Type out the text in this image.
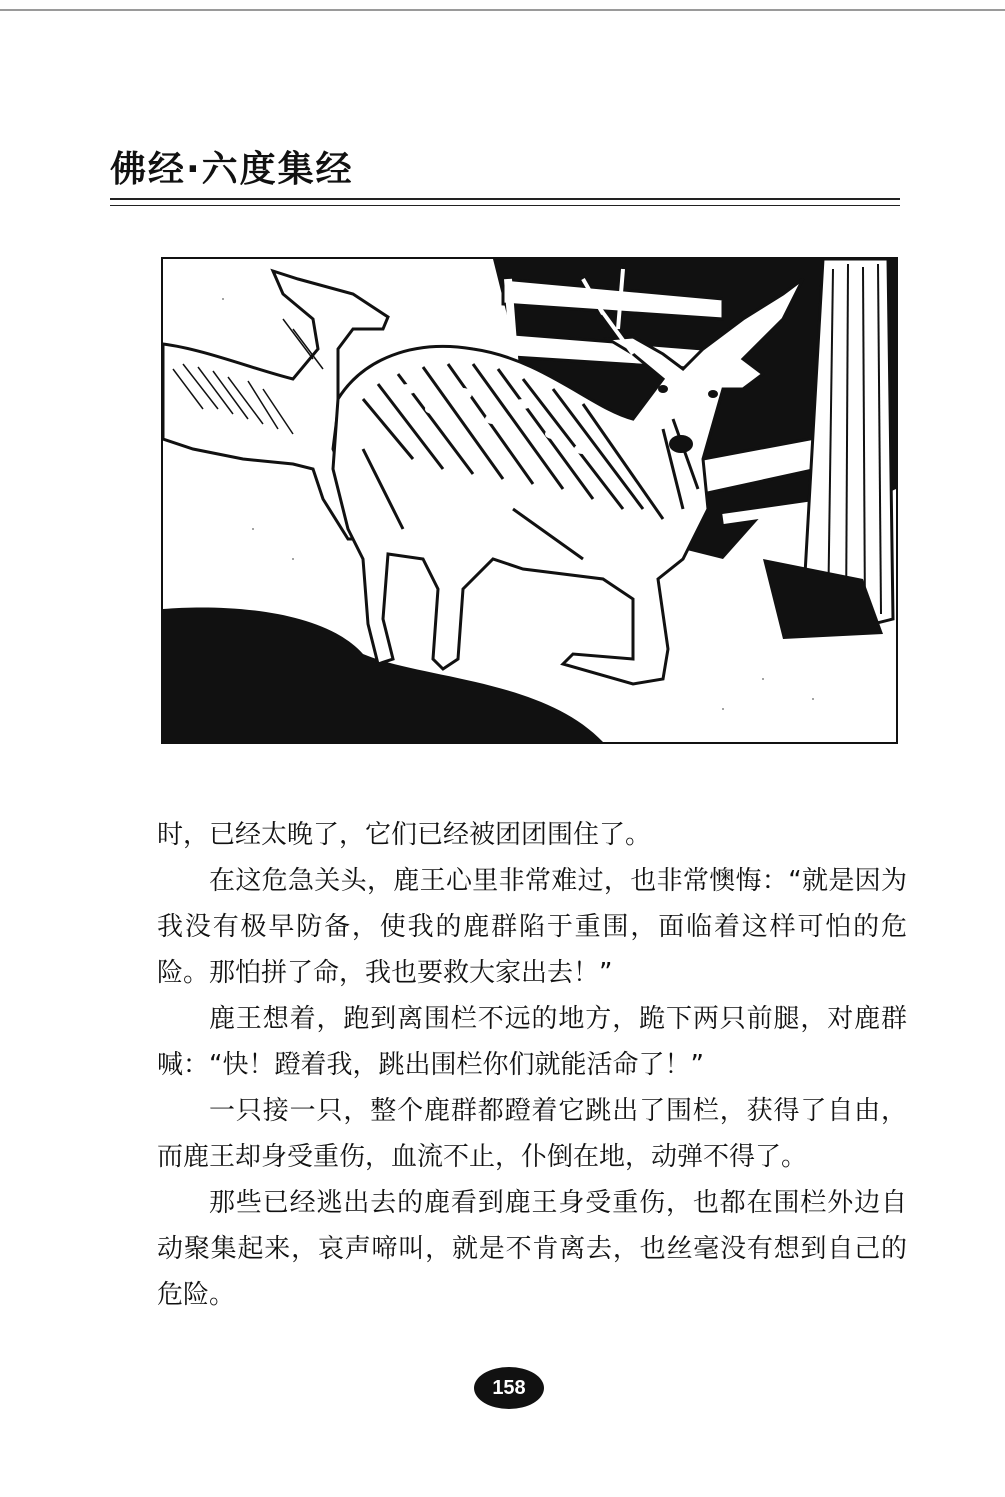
佛经·六度集经

时，已经太晚了，它们已经被团团围住了。

在这危急关头，鹿王心里非常难过，也非常懊悔：“就是因为我没有极早防备，使我的鹿群陷于重围，面临着这样可怕的危险。那怕拼了命，我也要救大家出去！”

鹿王想着，跑到离围栏不远的地方，跪下两只前腿，对鹿群喊：“快！蹬着我，跳出围栏你们就能活命了！”

一只接一只，整个鹿群都蹬着它跳出了围栏，获得了自由，而鹿王却身受重伤，血流不止，仆倒在地，动弹不得了。

那些已经逃出去的鹿看到鹿王身受重伤，也都在围栏外边自动聚集起来，哀声啼叫，就是不肯离去，也丝毫没有想到自己的危险。

158
